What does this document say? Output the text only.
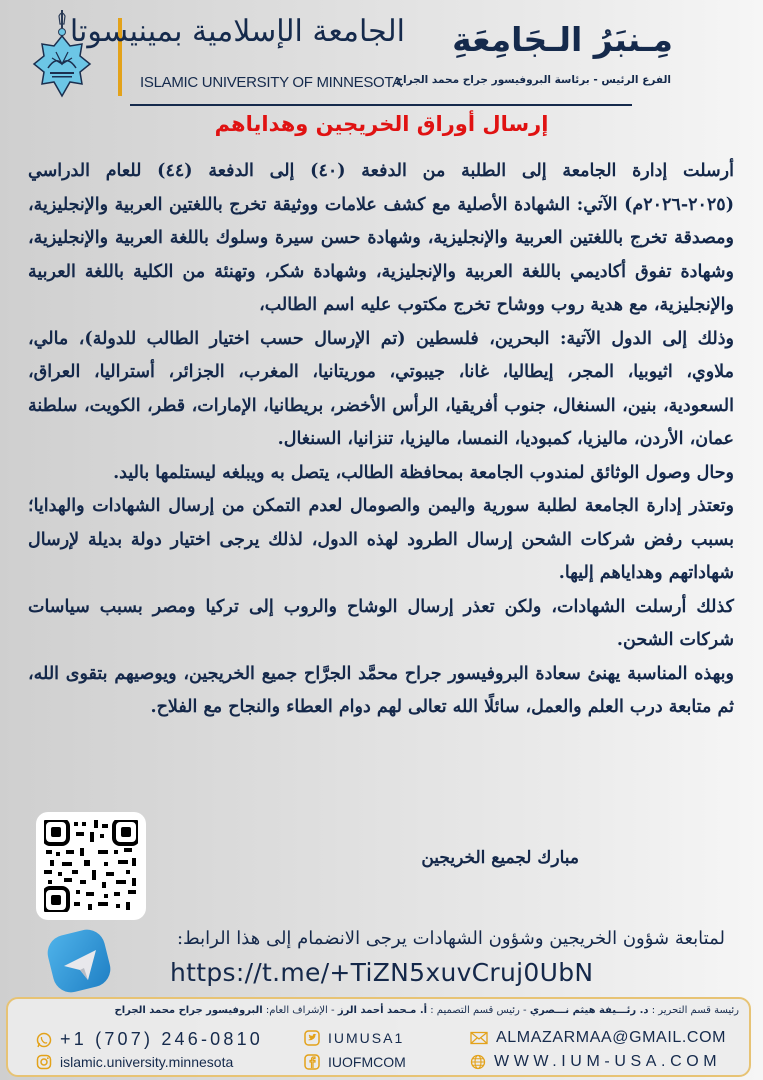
الجامعة الإسلامية بمينيسوتا
ISLAMIC UNIVERSITY OF MINNESOTA
مِـنبَرُ الـجَامِعَةِ
الفرع الرئيس - برئاسة البروفيسور جراح محمد الجراح
إرسال أوراق الخريجين وهداياهم

أرسلت إدارة الجامعة إلى الطلبة من الدفعة (٤٠) إلى الدفعة (٤٤) للعام الدراسي (٢٠٢٥-٢٠٢٦م) الآتي: الشهادة الأصلية مع كشف علامات ووثيقة تخرج باللغتين العربية والإنجليزية، ومصدقة تخرج باللغتين العربية والإنجليزية، وشهادة حسن سيرة وسلوك باللغة العربية والإنجليزية، وشهادة تفوق أكاديمي باللغة العربية والإنجليزية، وشهادة شكر، وتهنئة من الكلية باللغة العربية والإنجليزية، مع هدية روب ووشاح تخرج مكتوب عليه اسم الطالب،

وذلك إلى الدول الآتية: البحرين، فلسطين (تم الإرسال حسب اختيار الطالب للدولة)، مالي، ملاوي، اثيوبيا، المجر، إيطاليا، غانا، جيبوتي، موريتانيا، المغرب، الجزائر، أستراليا، العراق، السعودية، بنين، السنغال، جنوب أفريقيا، الرأس الأخضر، بريطانيا، الإمارات، قطر، الكويت، سلطنة عمان، الأردن، ماليزيا، كمبوديا، النمسا، ماليزيا، تنزانيا، السنغال.

وحال وصول الوثائق لمندوب الجامعة بمحافظة الطالب، يتصل به ويبلغه ليستلمها باليد.

وتعتذر إدارة الجامعة لطلبة سورية واليمن والصومال لعدم التمكن من إرسال الشهادات والهدايا؛ بسبب رفض شركات الشحن إرسال الطرود لهذه الدول، لذلك يرجى اختيار دولة بديلة لإرسال شهاداتهم وهداياهم إليها.

كذلك أرسلت الشهادات، ولكن تعذر إرسال الوشاح والروب إلى تركيا ومصر بسبب سياسات شركات الشحن.

وبهذه المناسبة يهنئ سعادة البروفيسور جراح محمَّد الجرَّاح جميع الخريجين، ويوصيهم بتقوى الله، ثم متابعة درب العلم والعمل، سائلًا الله تعالى لهم دوام العطاء والنجاح مع الفلاح.

مبارك لجميع الخريجين
لمتابعة شؤون الخريجين وشؤون الشهادات يرجى الانضمام إلى هذا الرابط:
https://t.me/+TiZN5xuvCruj0UbN
رئيسة قسم التحرير : د. رئـــيفة هيثم نـــصري - رئيس قسم التصميم : أ. مـحمد أحمد الرز - الإشراف العام: البروفيسور جراح محمد الجراح
+1 (707) 246-0810
islamic.university.minnesota
IUMUSA1
IUOFMCOM
ALMAZARMAA@GMAIL.COM
WWW.IUM-USA.COM
